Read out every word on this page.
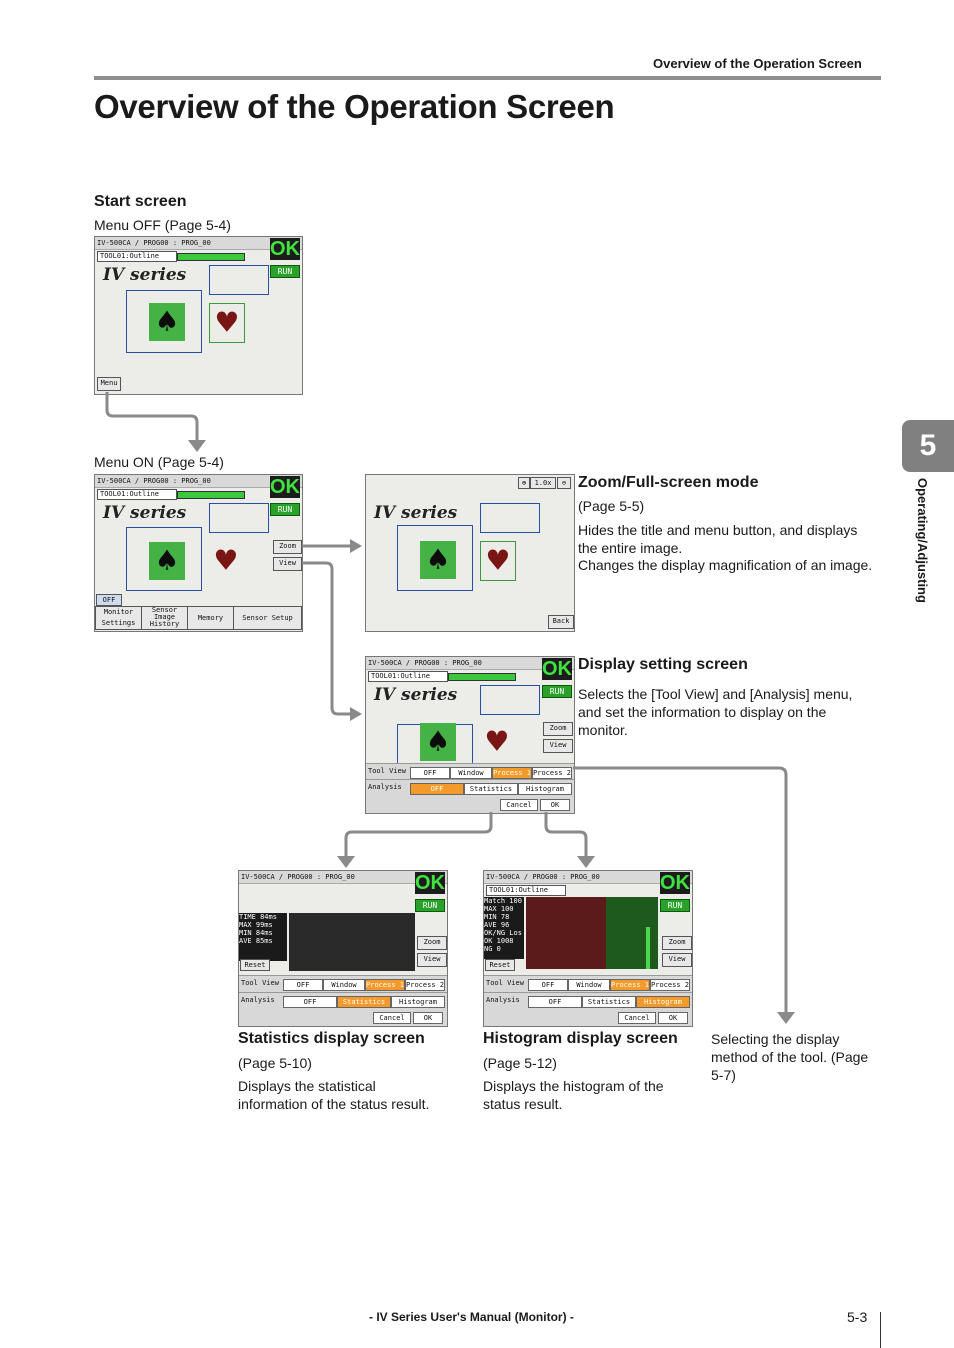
Overview of the Operation Screen
Overview of the Operation Screen
5
Operating/Adjusting
Start screen
Menu OFF (Page 5-4)
Menu ON (Page 5-4)
Zoom/Full-screen mode
(Page 5-5)
Hides the title and menu button, and displays the entire image.
Changes the display magnification of an image.
Display setting screen
Selects the [Tool View] and [Analysis] menu, and set the information to display on the monitor.
Statistics display screen
(Page 5-10)
Displays the statistical information of the status result.
Histogram display screen
(Page 5-12)
Displays the histogram of the status result.
Selecting the display method of the tool. (Page 5-7)
IV-500CA / PROG00 : PROG_00
TOOL01:Outline	OK
RUN
IV series
♠ ♥
Menu
IV-500CA / PROG00 : PROG_00
TOOL01:Outline	OK
RUN
IV series
♠ ♥	Zoom
View
OFF
Monitor Settings
Sensor Image History
Memory	Sensor Setup
⊕	1.0x	⊖
IV series
♠ ♥
Back
IV-500CA / PROG00 : PROG_00
TOOL01:Outline	OK
RUN
IV series
♠ ♥	Zoom
View
Tool View	OFF	Window	Process 1 Process 2
Analysis	OFF	Statistics	Histogram
Cancel	OK
IV-500CA / PROG00 : PROG_00	OK
RUN
TIME 84ms
MAX 99ms
MIN 84ms
AVE 85ms	Zoom
View
Reset
Tool View	OFF	Window	Process 1 Process 2
Analysis	OFF	Statistics	Histogram
Cancel	OK
IV-500CA / PROG00 : PROG_00
TOOL01:Outline	OK
RUN
Match 100
MAX 100
MIN 78
AVE 96
OK/NG Los
OK 1008
NG 0
Zoom
View
Reset
Tool View	OFF	Window	Process 1 Process 2
Analysis	OFF	Statistics	Histogram
Cancel	OK
- IV Series User's Manual (Monitor) -	5-3
